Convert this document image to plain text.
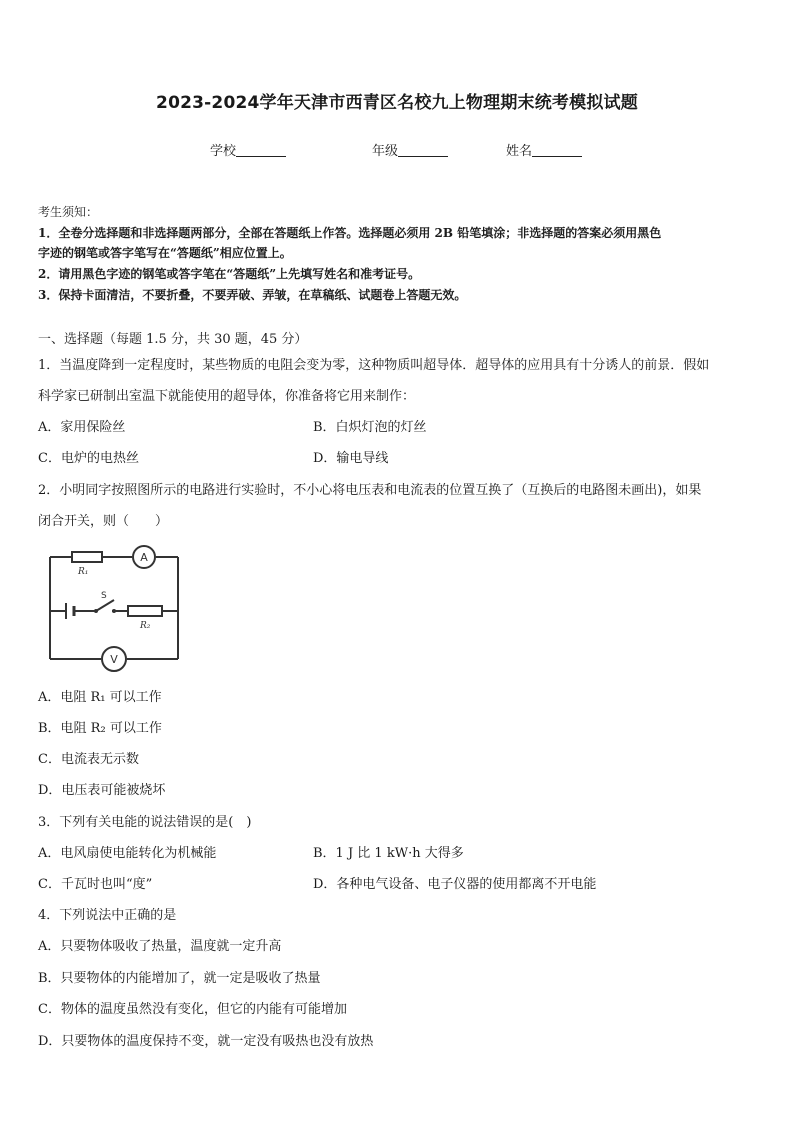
2023-2024学年天津市西青区名校九上物理期末统考模拟试题
学校	年级	姓名
考生须知：
1．全卷分选择题和非选择题两部分，全部在答题纸上作答。选择题必须用 2B 铅笔填涂；非选择题的答案必须用黑色
字迹的钢笔或答字笔写在“答题纸”相应位置上。
2．请用黑色字迹的钢笔或答字笔在“答题纸”上先填写姓名和准考证号。
3．保持卡面清洁，不要折叠，不要弄破、弄皱，在草稿纸、试题卷上答题无效。
一、选择题（每题 1.5 分，共 30 题，45 分）
1．当温度降到一定程度时，某些物质的电阻会变为零，这种物质叫超导体．超导体的应用具有十分诱人的前景．假如
科学家已研制出室温下就能使用的超导体，你准备将它用来制作：
A．家用保险丝	B．白炽灯泡的灯丝
C．电炉的电热丝	D．输电导线
2．小明同字按照图所示的电路进行实验时，不小心将电压表和电流表的位置互换了（互换后的电路图未画出)，如果
闭合开关，则（　　）
R₁
A
S
R₂
V
A．电阻 R₁ 可以工作
B．电阻 R₂ 可以工作
C．电流表无示数
D．电压表可能被烧坏
3．下列有关电能的说法错误的是(　)
A．电风扇使电能转化为机械能	B．1 J 比 1 kW·h 大得多
C．千瓦时也叫“度”	D．各种电气设备、电子仪器的使用都离不开电能
4．下列说法中正确的是
A．只要物体吸收了热量，温度就一定升高
B．只要物体的内能增加了，就一定是吸收了热量
C．物体的温度虽然没有变化，但它的内能有可能增加
D．只要物体的温度保持不变，就一定没有吸热也没有放热
